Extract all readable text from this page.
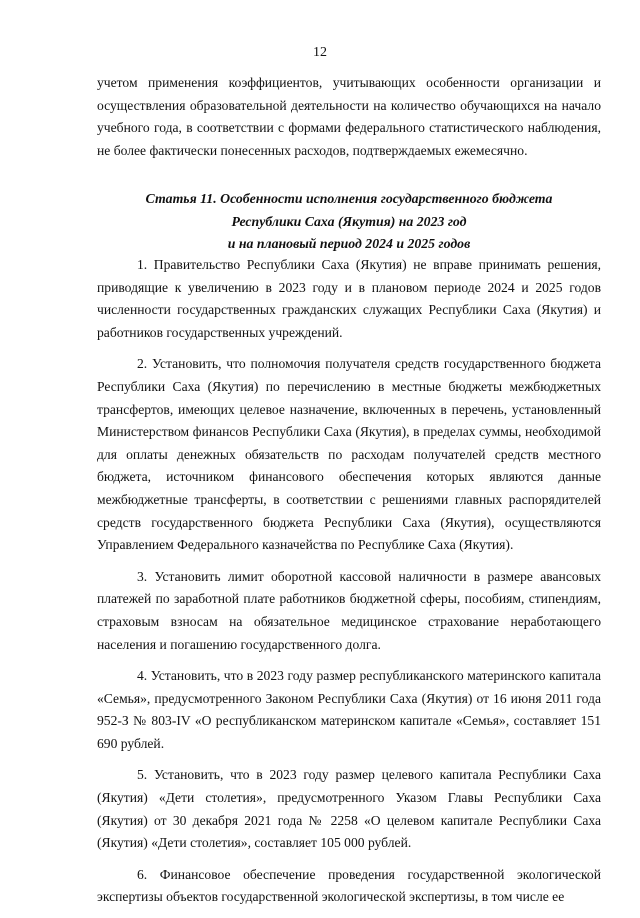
12

учетом применения коэффициентов, учитывающих особенности организации и осуществления образовательной деятельности на количество обучающихся на начало учебного года, в соответствии с формами федерального статистического наблюдения, не более фактически понесенных расходов, подтверждаемых ежемесячно.

Статья 11. Особенности исполнения государственного бюджета
Республики Саха (Якутия) на 2023 год
и на плановый период 2024 и 2025 годов

1. Правительство Республики Саха (Якутия) не вправе принимать решения, приводящие к увеличению в 2023 году и в плановом периоде 2024 и 2025 годов численности государственных гражданских служащих Республики Саха (Якутия) и работников государственных учреждений.

2. Установить, что полномочия получателя средств государственного бюджета Республики Саха (Якутия) по перечислению в местные бюджеты межбюджетных трансфертов, имеющих целевое назначение, включенных в перечень, установленный Министерством финансов Республики Саха (Якутия), в пределах суммы, необходимой для оплаты денежных обязательств по расходам получателей средств местного бюджета, источником финансового обеспечения которых являются данные межбюджетные трансферты, в соответствии с решениями главных распорядителей средств государственного бюджета Республики Саха (Якутия), осуществляются Управлением Федерального казначейства по Республике Саха (Якутия).

3. Установить лимит оборотной кассовой наличности в размере авансовых платежей по заработной плате работников бюджетной сферы, пособиям, стипендиям, страховым взносам на обязательное медицинское страхование неработающего населения и погашению государственного долга.

4. Установить, что в 2023 году размер республиканского материнского капитала «Семья», предусмотренного Законом Республики Саха (Якутия) от 16 июня 2011 года 952-З № 803-IV «О республиканском материнском капитале «Семья», составляет 151 690 рублей.

5. Установить, что в 2023 году размер целевого капитала Республики Саха (Якутия) «Дети столетия», предусмотренного Указом Главы Республики Саха (Якутия) от 30 декабря 2021 года № 2258 «О целевом капитале Республики Саха (Якутия) «Дети столетия», составляет 105 000 рублей.

6. Финансовое обеспечение проведения государственной экологической экспертизы объектов государственной экологической экспертизы, в том числе ее
